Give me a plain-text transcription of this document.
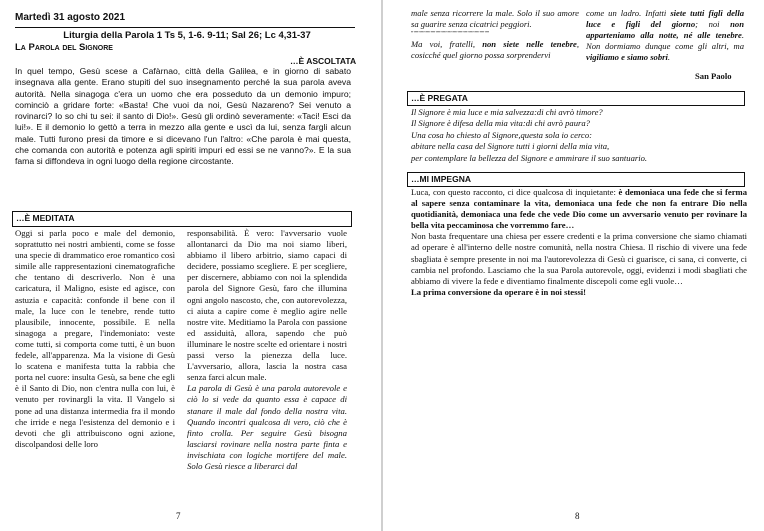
Martedì 31 agosto 2021
Liturgia della Parola 1 Ts 5, 1-6. 9-11; Sal 26; Lc 4,31-37
La Parola del Signore
…È ASCOLTATA
In quel tempo, Gesù scese a Cafàrnao, città della Galilea, e in giorno di sabato insegnava alla gente. Erano stupiti del suo insegnamento perché la sua parola aveva autorità. Nella sinagoga c'era un uomo che era posseduto da un demonio impuro; cominciò a gridare forte: «Basta! Che vuoi da noi, Gesù Nazareno? Sei venuto a rovinarci? Io so chi tu sei: il santo di Dio!». Gesù gli ordinò severamente: «Taci! Esci da lui!». E il demonio lo gettò a terra in mezzo alla gente e uscì da lui, senza fargli alcun male. Tutti furono presi da timore e si dicevano l'un l'altro: «Che parola è mai questa, che comanda con autorità e potenza agli spiriti impuri ed essi se ne vanno?». E la sua fama si diffondeva in ogni luogo della regione circostante.
…È MEDITATA
Oggi si parla poco e male del demonio, soprattutto nei nostri ambienti, come se fosse una specie di drammatico eroe romantico così simile alle rappresentazioni cinematografiche che tentano di descriverlo. Non è una caricatura, il Maligno, esiste ed agisce, con astuzia e capacità: confonde il bene con il male, la luce con le tenebre, rende tutto plausibile, innocente, possibile. E nella sinagoga a pregare, l'indemoniato: veste come tutti, si comporta come tutti, è un buon fedele, all'apparenza. Ma la visione di Gesù lo scatena e manifesta tutta la rabbia che porta nel cuore: insulta Gesù, sa bene che egli è il Santo di Dio, non c'entra nulla con lui, è venuto per rovinargli la vita. Il Vangelo si pone ad una distanza intermedia fra il mondo che irride e nega l'esistenza del demonio e i devoti che gli attribuiscono ogni azione, discolpandosi delle loro
responsabilità. È vero: l'avversario vuole allontanarci da Dio ma noi siamo liberi, abbiamo il libero arbitrio, siamo capaci di decidere, possiamo scegliere. E per scegliere, per discernere, abbiamo con noi la splendida parola del Signore Gesù, faro che illumina ogni angolo nascosto, che, con autorevolezza, ci aiuta a capire come è meglio agire nelle nostre vite. Meditiamo la Parola con passione ed assiduità, allora, sapendo che può illuminare le nostre scelte ed orientare i nostri passi verso la pienezza della luce. L'avversario, allora, lascia la nostra casa senza farci alcun male.
La parola di Gesù è una parola autorevole e ciò lo si vede da quanto essa è capace di stanare il male dal fondo della nostra vita. Quando incontri qualcosa di vero, ciò che è finto crolla. Per seguire Gesù bisogna lasciarsi rovinare nella nostra parte finta e invischiata con logiche mortifere del male. Solo Gesù riesce a liberarci dal
7
male senza ricorrere la male. Solo il suo amore sa guarire senza cicatrici peggiori.
""""""""""""""""""""""""""""""""
Ma voi, fratelli, non siete nelle tenebre, cosicché quel giorno possa sorprendervi
come un ladro. Infatti siete tutti figli della luce e figli del giorno; noi non apparteniamo alla notte, né alle tenebre. Non dormiamo dunque come gli altri, ma vigiliamo e siamo sobri.
San Paolo
…È PREGATA
Il Signore è mia luce e mia salvezza:di chi avrò timore?
Il Signore è difesa della mia vita:di chi avrò paura?
Una cosa ho chiesto al Signore,questa sola io cerco:
abitare nella casa del Signore tutti i giorni della mia vita,
per contemplare la bellezza del Signore e ammirare il suo santuario.
…MI IMPEGNA
Luca, con questo racconto, ci dice qualcosa di inquietante: è demoniaca una fede che si ferma al sapere senza contaminare la vita, demoniaca una fede che non fa entrare Dio nella quotidianità, demoniaca una fede che vede Dio come un avversario venuto per rovinare la bella vita peccaminosa che vorremmo fare…
Non basta frequentare una chiesa per essere credenti e la prima conversione che siamo chiamati ad operare è all'interno delle nostre comunità, nella nostra Chiesa. Il rischio di vivere una fede sbagliata è sempre presente in noi ma l'autorevolezza di Gesù ci guarisce, ci sana, ci converte, ci cambia nel profondo. Lasciamo che la sua Parola autorevole, oggi, evidenzi i modi sbagliati che abbiamo di vivere la fede e diventiamo finalmente discepoli come egli vuole…
La prima conversione da operare è in noi stessi!
8
